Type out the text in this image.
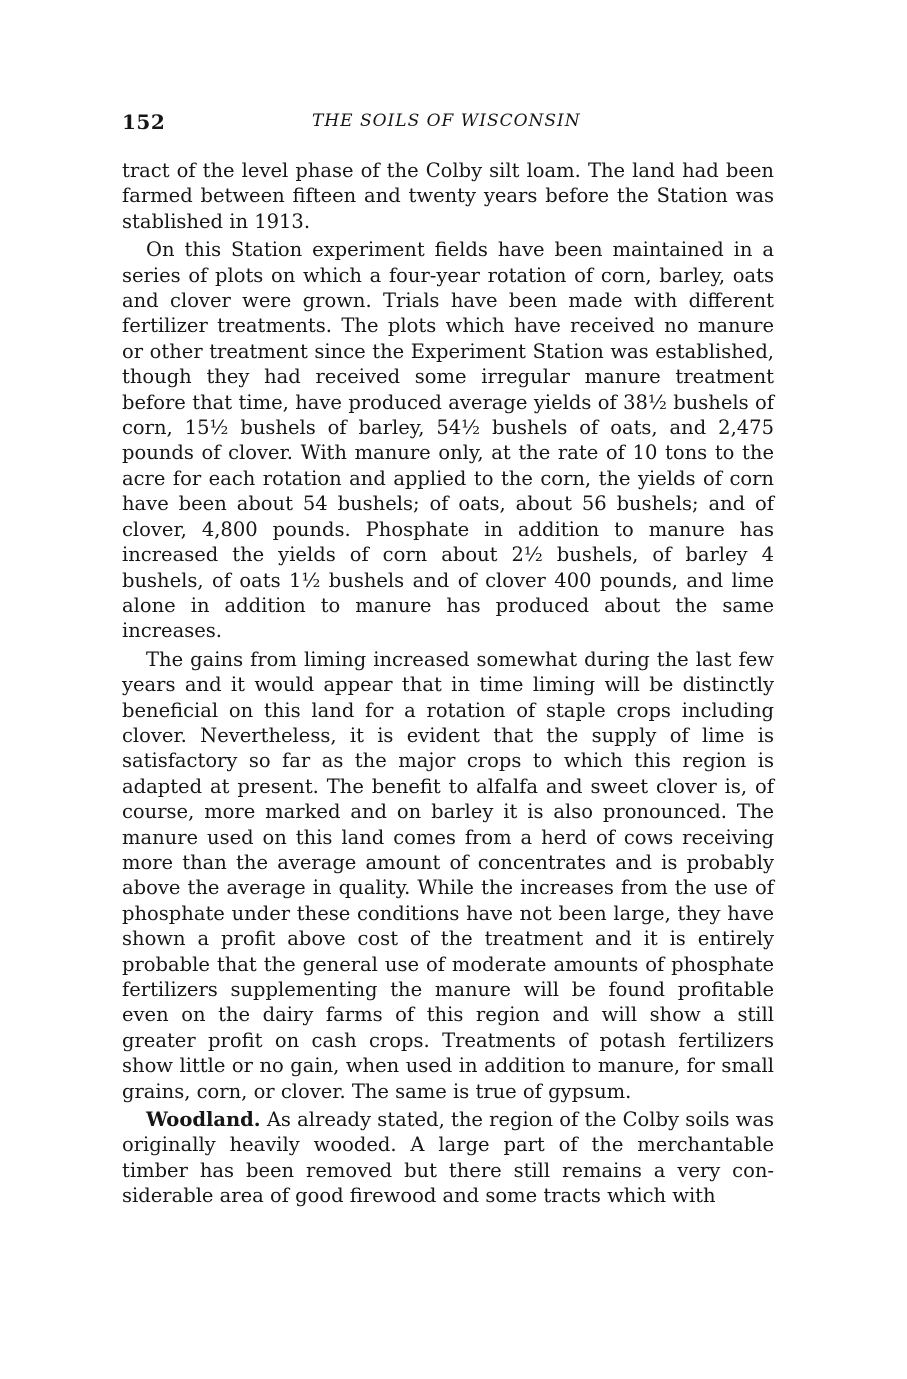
152	THE SOILS OF WISCONSIN

tract of the level phase of the Colby silt loam. The land had been farmed between fifteen and twenty years before the Station was stablished in 1913.

On this Station experiment fields have been maintained in a series of plots on which a four-year rotation of corn, barley, oats and clover were grown. Trials have been made with different fertilizer treatments. The plots which have received no manure or other treatment since the Experiment Station was established, though they had received some irregular manure treatment before that time, have produced average yields of 38½ bushels of corn, 15½ bushels of barley, 54½ bushels of oats, and 2,475 pounds of clover. With manure only, at the rate of 10 tons to the acre for each rotation and applied to the corn, the yields of corn have been about 54 bushels; of oats, about 56 bushels; and of clover, 4,800 pounds. Phosphate in addition to manure has increased the yields of corn about 2½ bushels, of barley 4 bushels, of oats 1½ bushels and of clover 400 pounds, and lime alone in addition to manure has produced about the same increases.

The gains from liming increased somewhat during the last few years and it would appear that in time liming will be distinctly beneficial on this land for a rotation of staple crops including clover. Nevertheless, it is evident that the supply of lime is satisfactory so far as the major crops to which this region is adapted at present. The benefit to alfalfa and sweet clover is, of course, more marked and on barley it is also pronounced. The manure used on this land comes from a herd of cows receiving more than the average amount of concentrates and is probably above the average in quality. While the increases from the use of phosphate under these conditions have not been large, they have shown a profit above cost of the treatment and it is entirely probable that the general use of moderate amounts of phosphate fertilizers supplementing the manure will be found profitable even on the dairy farms of this region and will show a still greater profit on cash crops. Treatments of potash fertilizers show little or no gain, when used in addition to manure, for small grains, corn, or clover. The same is true of gypsum.

Woodland. As already stated, the region of the Colby soils was originally heavily wooded. A large part of the merchantable timber has been removed but there still remains a very considerable area of good firewood and some tracts which with
